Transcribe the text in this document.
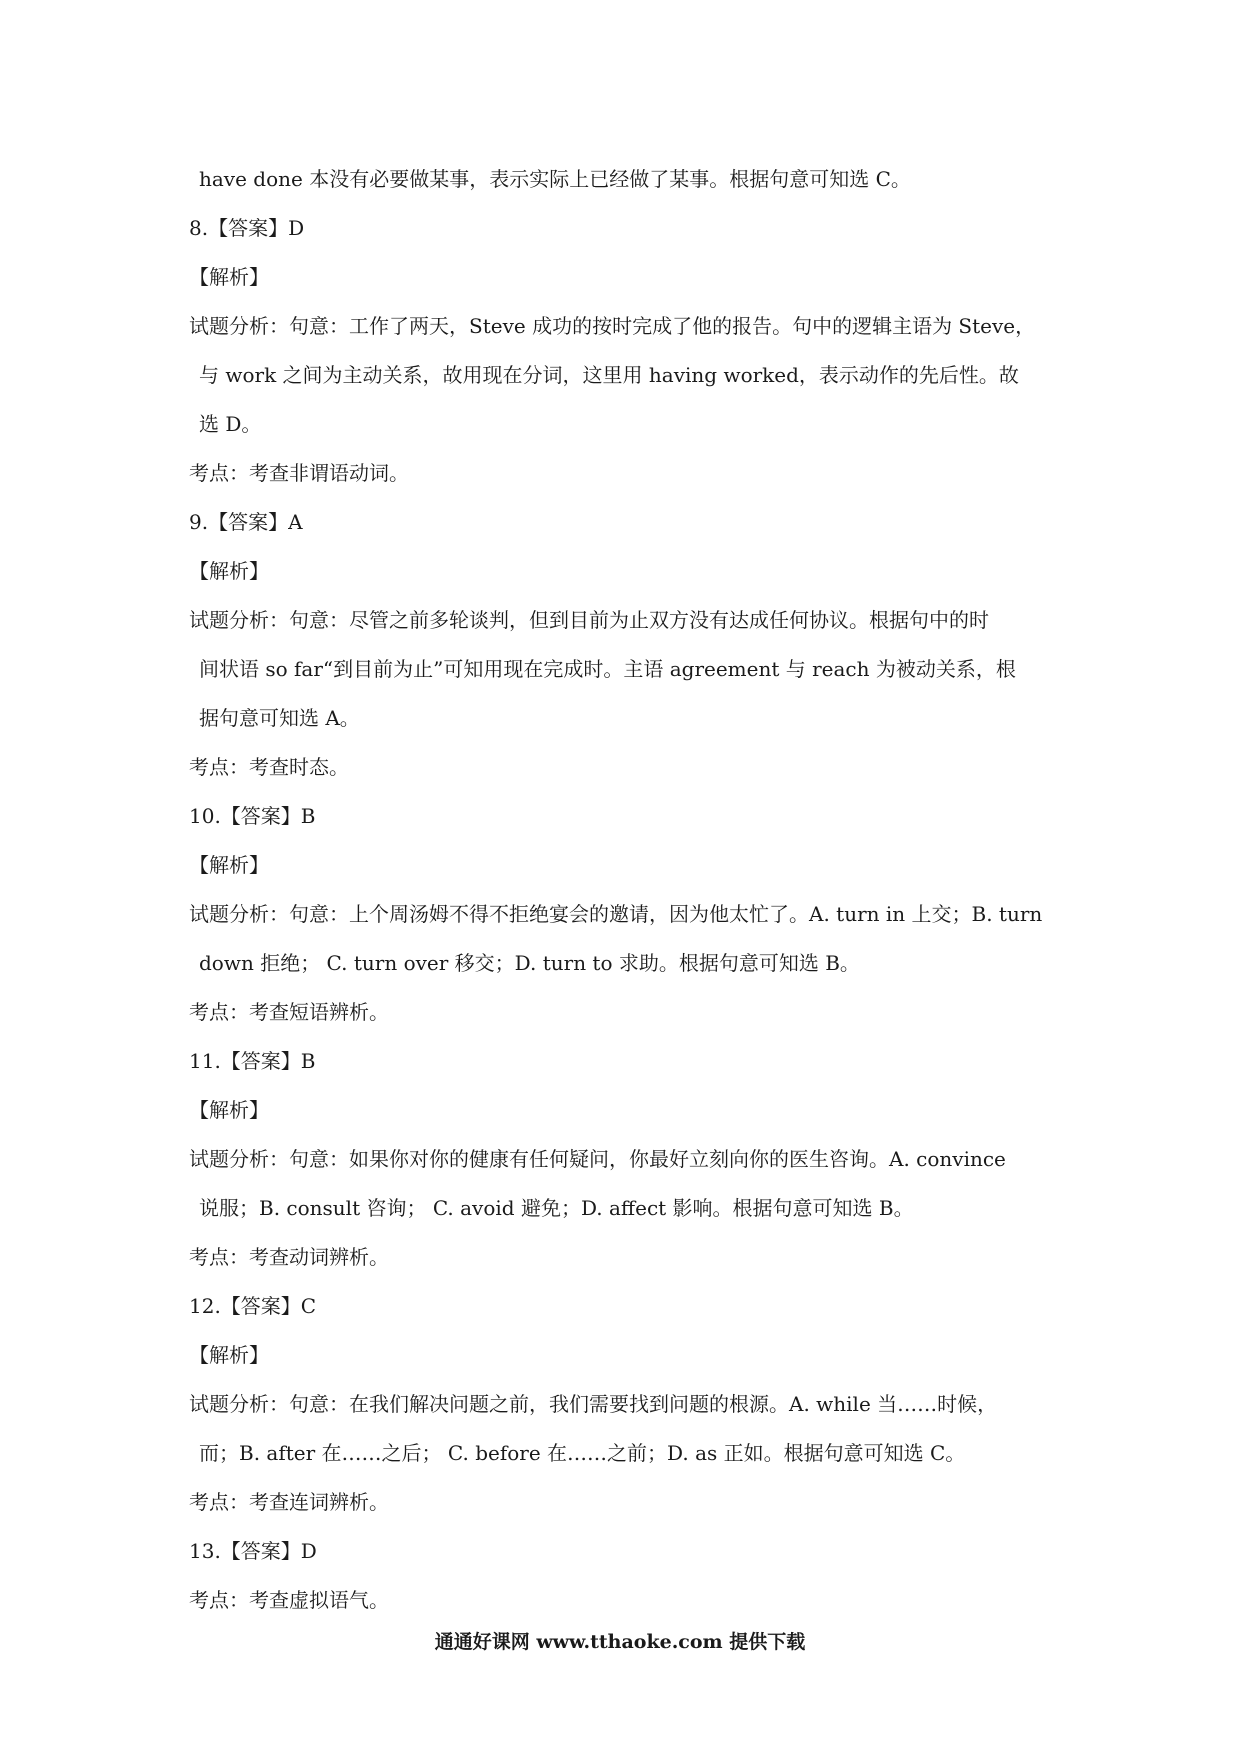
have done 本没有必要做某事，表示实际上已经做了某事。根据句意可知选 C。
8.【答案】D
【解析】
试题分析：句意：工作了两天，Steve 成功的按时完成了他的报告。句中的逻辑主语为 Steve，
与 work 之间为主动关系，故用现在分词，这里用 having worked，表示动作的先后性。故
选 D。
考点：考查非谓语动词。
9.【答案】A
【解析】
试题分析：句意：尽管之前多轮谈判，但到目前为止双方没有达成任何协议。根据句中的时
间状语 so far“到目前为止”可知用现在完成时。主语 agreement 与 reach 为被动关系，根
据句意可知选 A。
考点：考查时态。
10.【答案】B
【解析】
试题分析：句意：上个周汤姆不得不拒绝宴会的邀请，因为他太忙了。A. turn in 上交；B. turn
down 拒绝； C. turn over 移交；D. turn to 求助。根据句意可知选 B。
考点：考查短语辨析。
11.【答案】B
【解析】
试题分析：句意：如果你对你的健康有任何疑问，你最好立刻向你的医生咨询。A. convince
说服；B. consult 咨询； C. avoid 避免；D. affect 影响。根据句意可知选 B。
考点：考查动词辨析。
12.【答案】C
【解析】
试题分析：句意：在我们解决问题之前，我们需要找到问题的根源。A. while 当……时候，
而；B. after 在……之后； C. before 在……之前；D. as 正如。根据句意可知选 C。
考点：考查连词辨析。
13.【答案】D
考点：考查虚拟语气。
通通好课网 www.tthaoke.com 提供下载
